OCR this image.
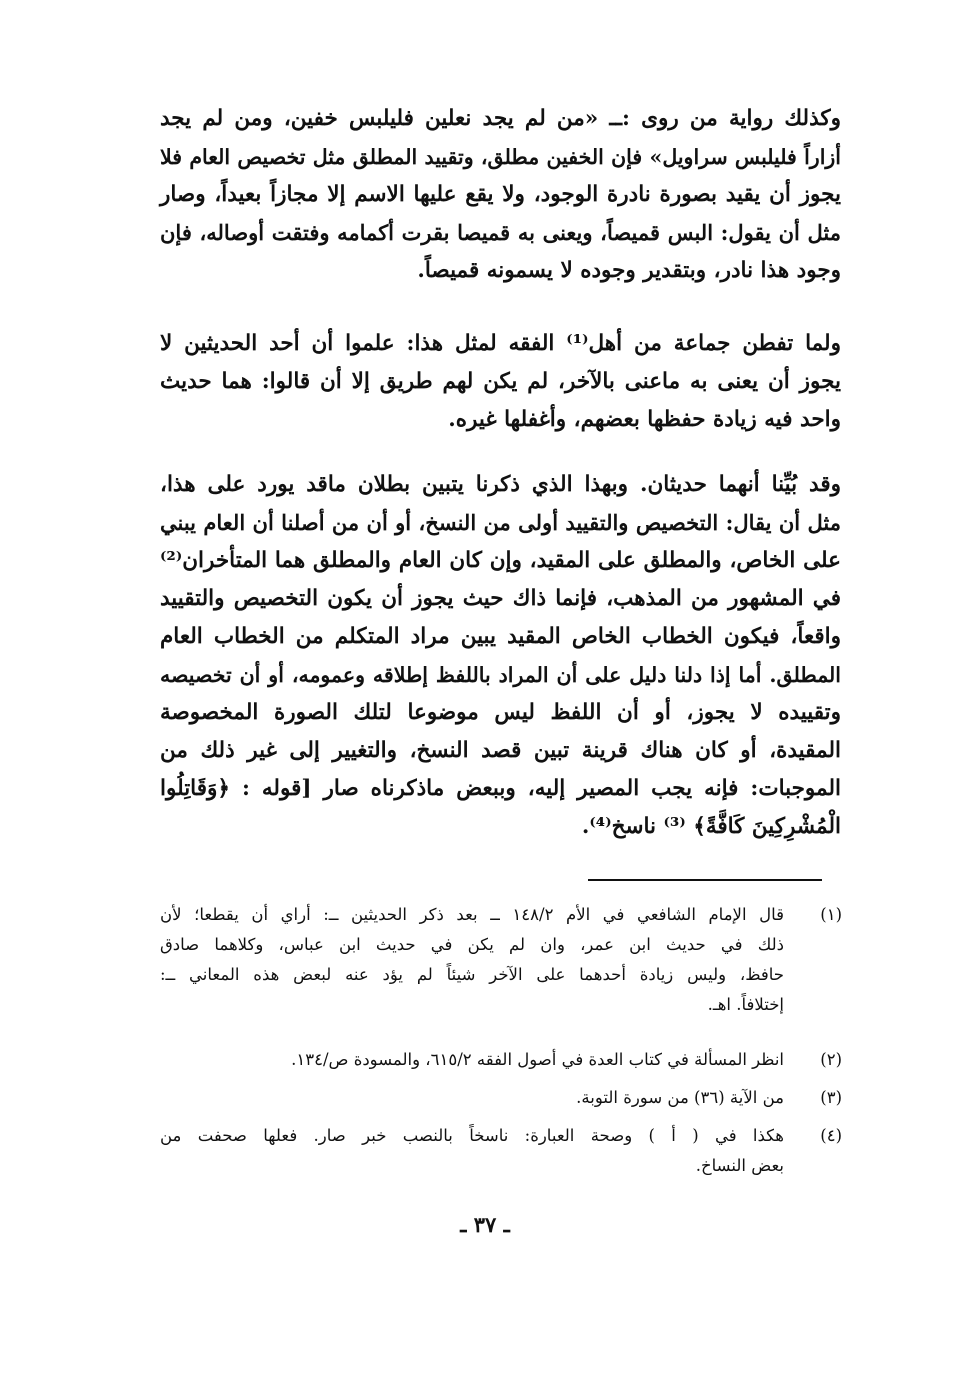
وكذلك رواية من روى :ــ «من لم يجد نعلين فليلبس خفين، ومن لم يجد
أزاراً فليلبس سراويل» فإن الخفين مطلق، وتقييد المطلق مثل تخصيص العام فلا
يجوز أن يقيد بصورة نادرة الوجود، ولا يقع عليها الاسم إلا مجازاً بعيداً، وصار
مثل أن يقول: البس قميصاً، ويعنى به قميصا بقرت أكمامه وفتقت أوصاله، فإن
وجود هذا نادر، وبتقدير وجوده لا يسمونه قميصاً.
ولما تفطن جماعة من أهل⁽¹⁾ الفقه لمثل هذا: علموا أن أحد الحديثين لا
يجوز أن يعنى به ماعنى بالآخر، لم يكن لهم طريق إلا أن قالوا: هما حديث
واحد فيه زيادة حفظها بعضهم، وأغفلها غيره.
وقد بُيِّنا أنهما حديثان. وبهذا الذي ذكرنا يتبين بطلان ماقد يورد على هذا،
مثل أن يقال: التخصيص والتقييد أولى من النسخ، أو أن من أصلنا أن العام يبني
على الخاص، والمطلق على المقيد، وإن كان العام والمطلق هما المتأخران⁽²⁾
في المشهور من المذهب، فإنما ذاك حيث يجوز أن يكون التخصيص والتقييد
واقعاً، فيكون الخطاب الخاص المقيد يبين مراد المتكلم من الخطاب العام
المطلق. أما إذا دلنا دليل على أن المراد باللفظ إطلاقه وعمومه، أو أن تخصيصه
وتقييده لا يجوز، أو أن اللفظ ليس موضوعا لتلك الصورة المخصوصة
المقيدة، أو كان هناك قرينة تبين قصد النسخ، والتغيير إلى غير ذلك من
الموجبات: فإنه يجب المصير إليه، وببعض ماذكرناه صار [قوله : ﴿وَقَاتِلُوا
الْمُشْرِكِينَ كَافَّةً﴾ ⁽³⁾ ناسخ⁽⁴⁾.
(١)
قال الإمام الشافعي في الأم ١٤٨/٢ ــ بعد ذكر الحديثين ــ: أراي أن يقطعا؛ لأن
ذلك في حديث ابن عمر، وان لم يكن في حديث ابن عباس، وكلاهما صادق
حافظ، وليس زيادة أحدهما على الآخر شيئاً لم يؤد عنه لبعض هذه المعاني ــ:
إختلافاً. اهـ.
(٢)
انظر المسألة في كتاب العدة في أصول الفقه ٦١٥/٢، والمسودة ص/١٣٤.
(٣)
من الآية (٣٦) من سورة التوبة.
(٤)
هكذا في ( أ ) وصحة العبارة: ناسخاً بالنصب خبر صار. فعلها صحفت من
بعض النساخ.
ـ ٣٧ ـ
